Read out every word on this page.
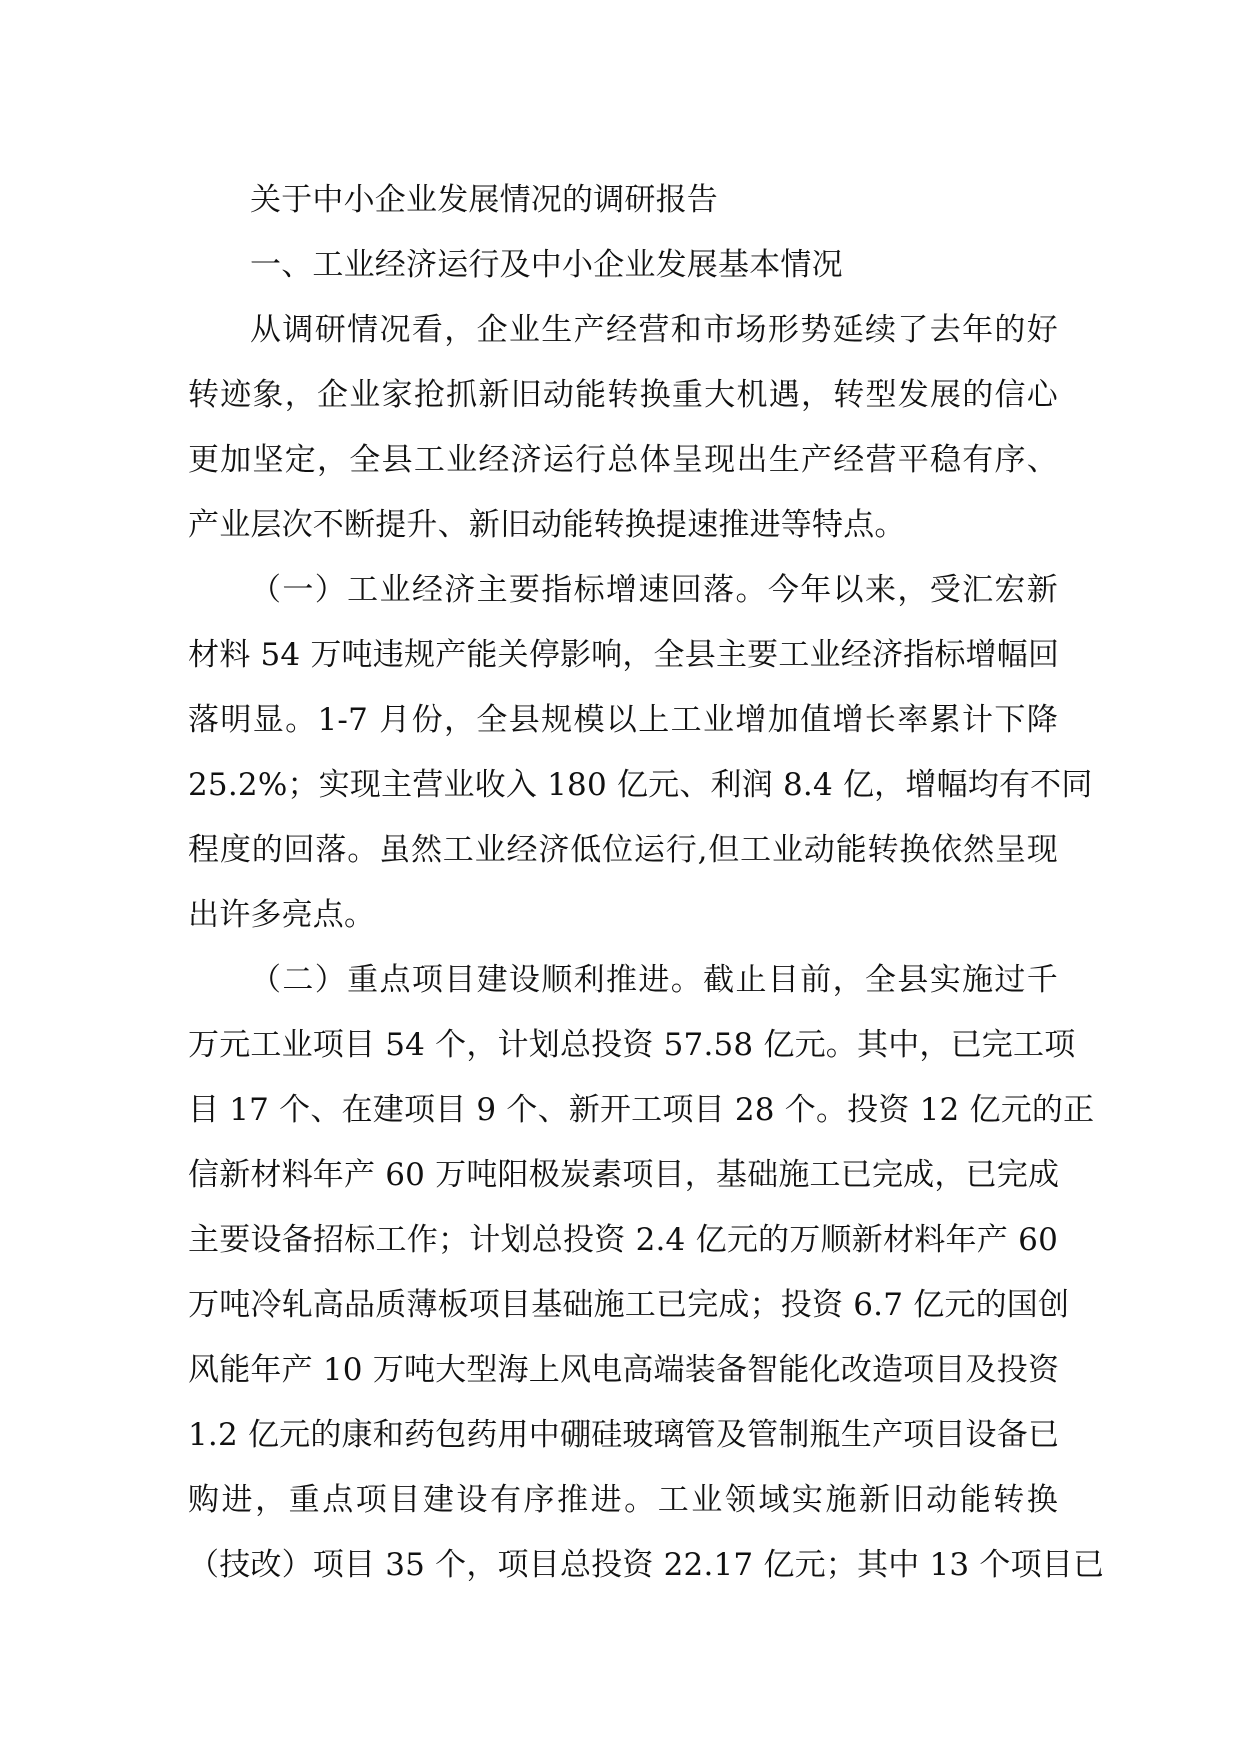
关于中小企业发展情况的调研报告
一、工业经济运行及中小企业发展基本情况
从调研情况看，企业生产经营和市场形势延续了去年的好
转迹象，企业家抢抓新旧动能转换重大机遇，转型发展的信心
更加坚定，全县工业经济运行总体呈现出生产经营平稳有序、
产业层次不断提升、新旧动能转换提速推进等特点。
（一）工业经济主要指标增速回落。今年以来，受汇宏新
材料 54 万吨违规产能关停影响，全县主要工业经济指标增幅回
落明显。1-7 月份，全县规模以上工业增加值增长率累计下降
25.2%；实现主营业收入 180 亿元、利润 8.4 亿，增幅均有不同
程度的回落。虽然工业经济低位运行,但工业动能转换依然呈现
出许多亮点。
（二）重点项目建设顺利推进。截止目前，全县实施过千
万元工业项目 54 个，计划总投资 57.58 亿元。其中，已完工项
目 17 个、在建项目 9 个、新开工项目 28 个。投资 12 亿元的正
信新材料年产 60 万吨阳极炭素项目，基础施工已完成，已完成
主要设备招标工作；计划总投资 2.4 亿元的万顺新材料年产 60
万吨冷轧高品质薄板项目基础施工已完成；投资 6.7 亿元的国创
风能年产 10 万吨大型海上风电高端装备智能化改造项目及投资
1.2 亿元的康和药包药用中硼硅玻璃管及管制瓶生产项目设备已
购进，重点项目建设有序推进。工业领域实施新旧动能转换
（技改）项目 35 个，项目总投资 22.17 亿元；其中 13 个项目已
